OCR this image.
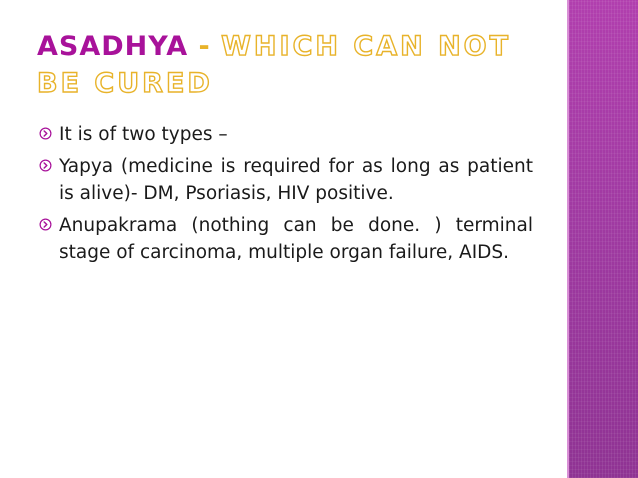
ASADHYA - WHICH CAN NOT BE CURED
It is of two types –
Yapya (medicine is required for as long as patient is alive)- DM, Psoriasis, HIV positive.
Anupakrama (nothing can be done. ) terminal stage of carcinoma, multiple organ failure, AIDS.
